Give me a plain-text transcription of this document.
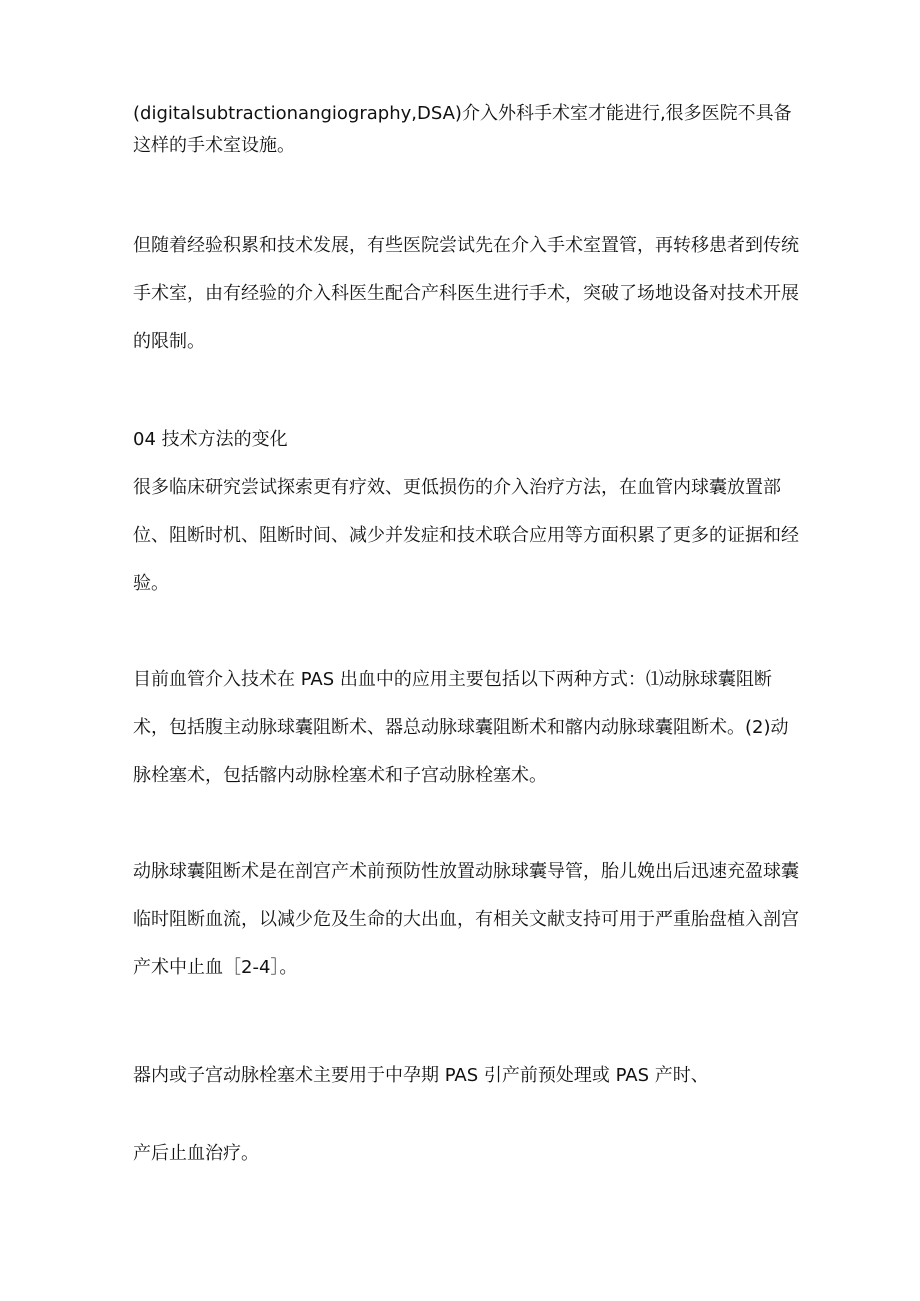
(digitalsubtractionangiography,DSA)介入外科手术室才能进行,很多医院不具备这样的手术室设施。

但随着经验积累和技术发展，有些医院尝试先在介入手术室置管，再转移患者到传统手术室，由有经验的介入科医生配合产科医生进行手术，突破了场地设备对技术开展的限制。

04 技术方法的变化

很多临床研究尝试探索更有疗效、更低损伤的介入治疗方法，在血管内球囊放置部位、阻断时机、阻断时间、减少并发症和技术联合应用等方面积累了更多的证据和经验。

目前血管介入技术在 PAS 出血中的应用主要包括以下两种方式：⑴动脉球囊阻断术，包括腹主动脉球囊阻断术、器总动脉球囊阻断术和髂内动脉球囊阻断术。(2)动脉栓塞术，包括髂内动脉栓塞术和子宫动脉栓塞术。

动脉球囊阻断术是在剖宫产术前预防性放置动脉球囊导管，胎儿娩出后迅速充盈球囊临时阻断血流，以减少危及生命的大出血，有相关文献支持可用于严重胎盘植入剖宫产术中止血［2-4］。

器内或子宫动脉栓塞术主要用于中孕期 PAS 引产前预处理或 PAS 产时、

产后止血治疗。
